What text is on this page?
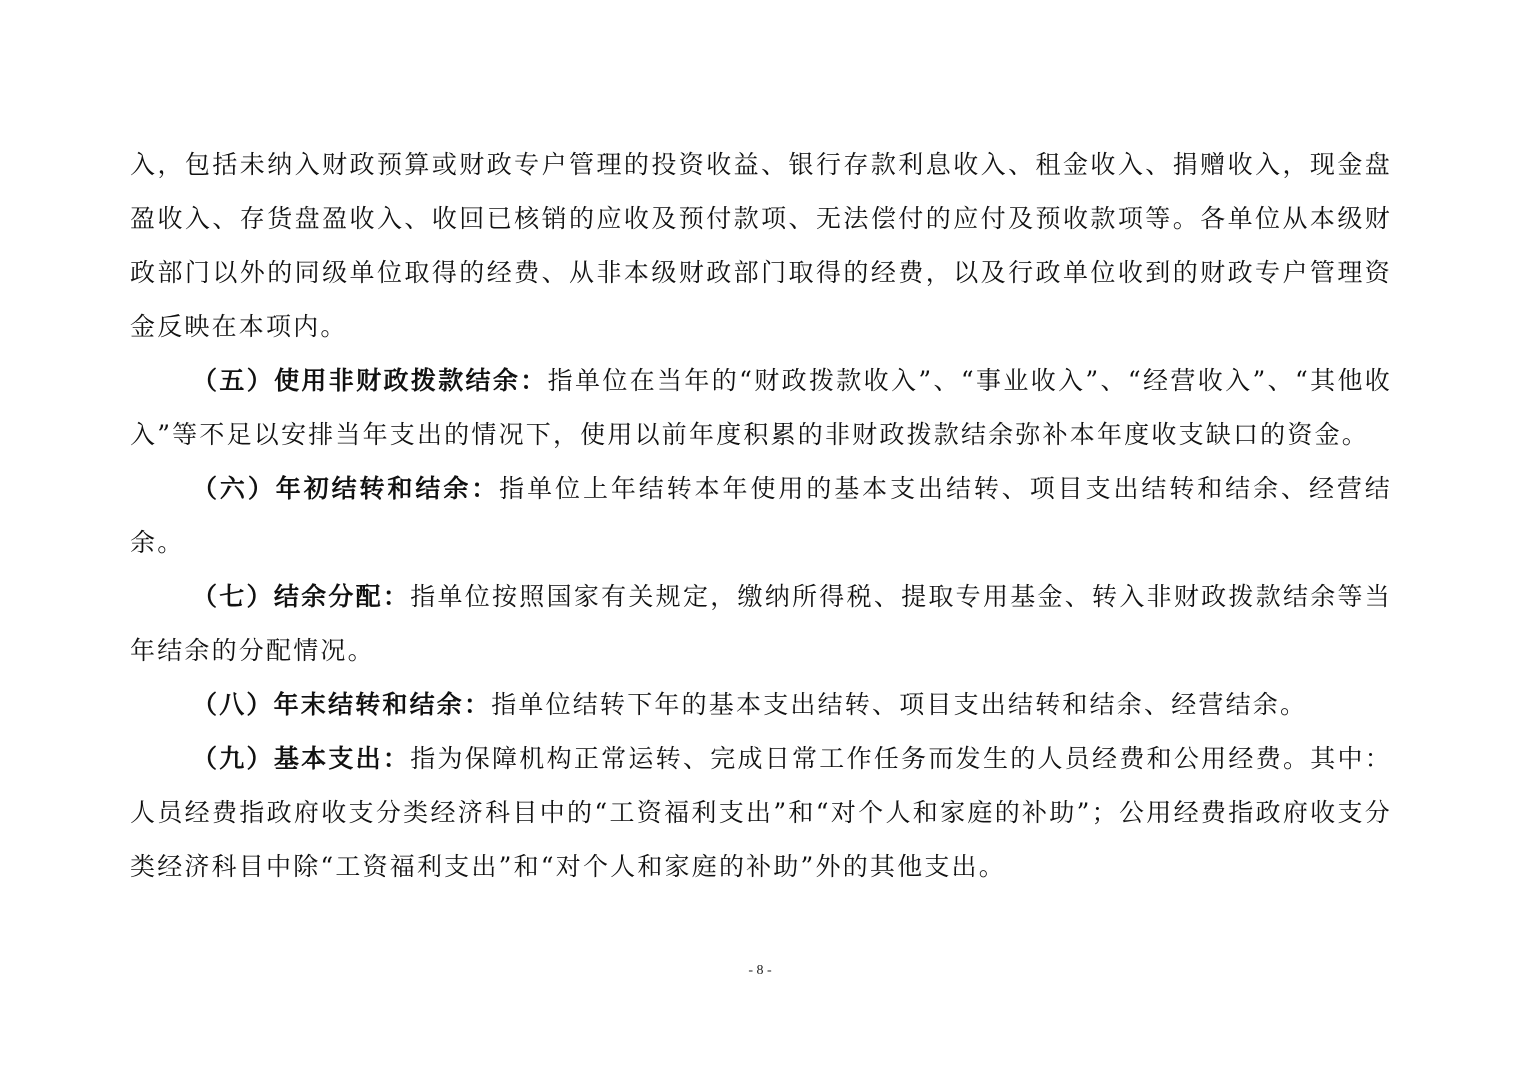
入，包括未纳入财政预算或财政专户管理的投资收益、银行存款利息收入、租金收入、捐赠收入，现金盘盈收入、存货盘盈收入、收回已核销的应收及预付款项、无法偿付的应付及预收款项等。各单位从本级财政部门以外的同级单位取得的经费、从非本级财政部门取得的经费，以及行政单位收到的财政专户管理资金反映在本项内。

（五）使用非财政拨款结余：指单位在当年的“财政拨款收入”、“事业收入”、“经营收入”、“其他收入”等不足以安排当年支出的情况下，使用以前年度积累的非财政拨款结余弥补本年度收支缺口的资金。

（六）年初结转和结余：指单位上年结转本年使用的基本支出结转、项目支出结转和结余、经营结余。

（七）结余分配：指单位按照国家有关规定，缴纳所得税、提取专用基金、转入非财政拨款结余等当年结余的分配情况。

（八）年末结转和结余：指单位结转下年的基本支出结转、项目支出结转和结余、经营结余。

（九）基本支出：指为保障机构正常运转、完成日常工作任务而发生的人员经费和公用经费。其中：人员经费指政府收支分类经济科目中的“工资福利支出”和“对个人和家庭的补助”；公用经费指政府收支分类经济科目中除“工资福利支出”和“对个人和家庭的补助”外的其他支出。

- 8 -
